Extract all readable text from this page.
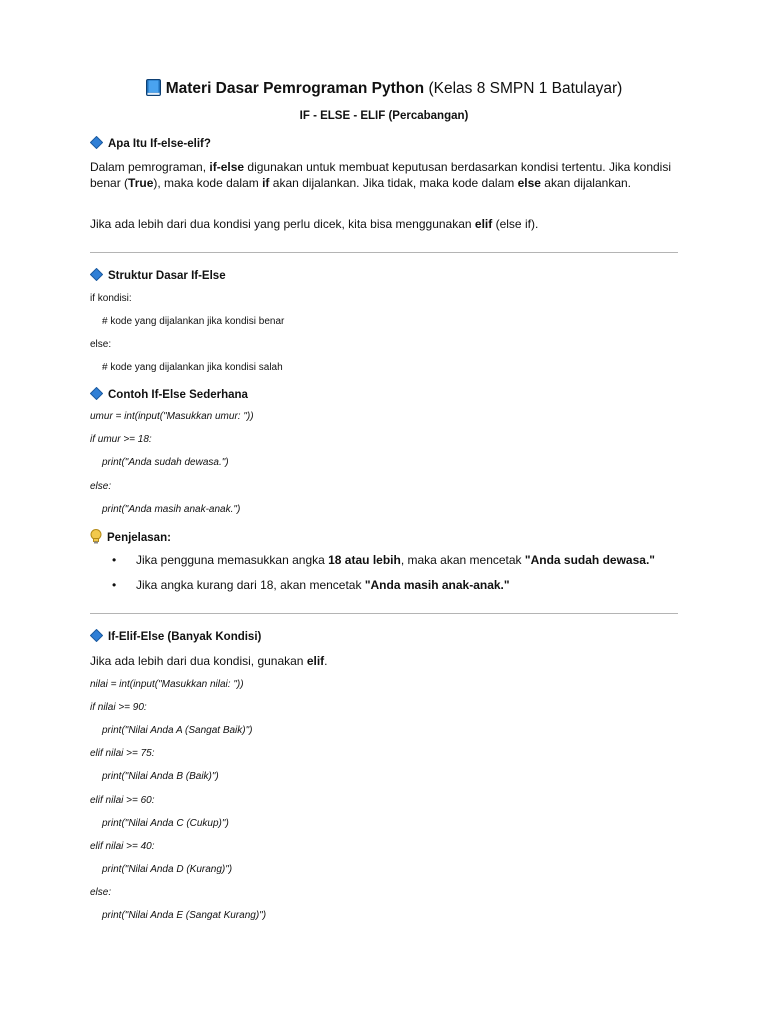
Materi Dasar Pemrograman Python (Kelas 8 SMPN 1 Batulayar)
IF - ELSE - ELIF (Percabangan)
Apa Itu If-else-elif?
Dalam pemrograman, if-else digunakan untuk membuat keputusan berdasarkan kondisi tertentu. Jika kondisi benar (True), maka kode dalam if akan dijalankan. Jika tidak, maka kode dalam else akan dijalankan.
Jika ada lebih dari dua kondisi yang perlu dicek, kita bisa menggunakan elif (else if).
Struktur Dasar If-Else
if kondisi:
# kode yang dijalankan jika kondisi benar
else:
# kode yang dijalankan jika kondisi salah
Contoh If-Else Sederhana
umur = int(input("Masukkan umur: "))
if umur >= 18:
print("Anda sudah dewasa.")
else:
print("Anda masih anak-anak.")
Penjelasan:
• Jika pengguna memasukkan angka 18 atau lebih, maka akan mencetak "Anda sudah dewasa."
• Jika angka kurang dari 18, akan mencetak "Anda masih anak-anak."
If-Elif-Else (Banyak Kondisi)
Jika ada lebih dari dua kondisi, gunakan elif.
nilai = int(input("Masukkan nilai: "))
if nilai >= 90:
print("Nilai Anda A (Sangat Baik)")
elif nilai >= 75:
print("Nilai Anda B (Baik)")
elif nilai >= 60:
print("Nilai Anda C (Cukup)")
elif nilai >= 40:
print("Nilai Anda D (Kurang)")
else:
print("Nilai Anda E (Sangat Kurang)")
